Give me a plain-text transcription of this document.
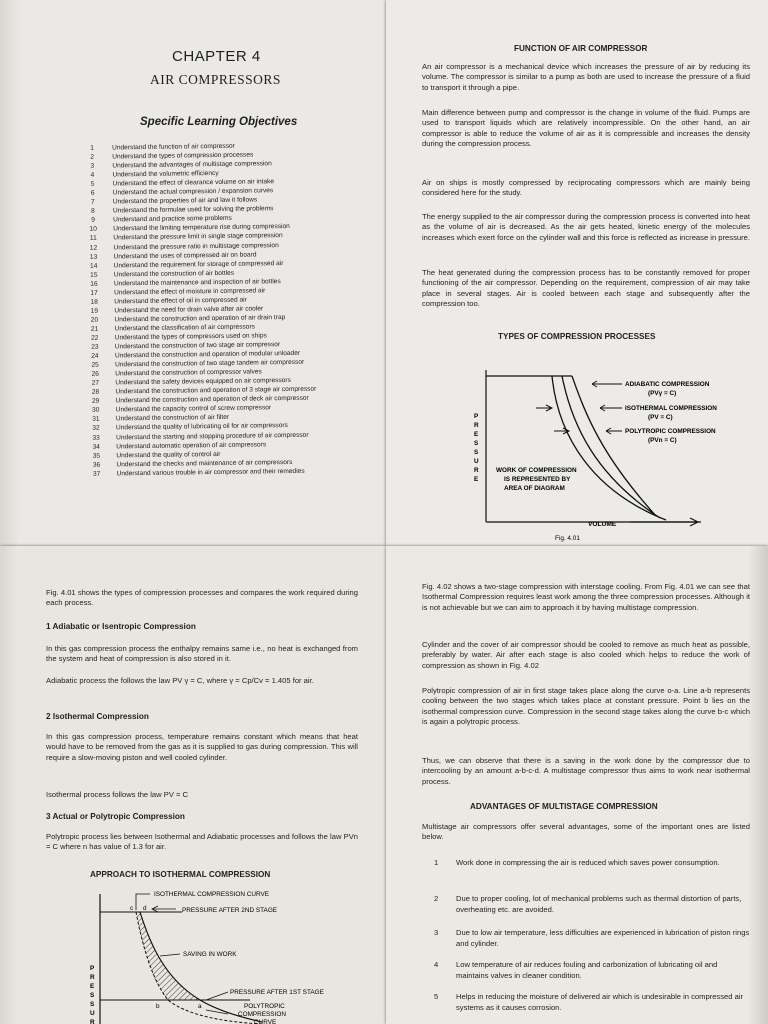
CHAPTER 4
AIR COMPRESSORS
Specific Learning Objectives
1	Understand the function of air compressor
2	Understand the types of compression processes
3	Understand the advantages of multistage compression
4	Understand the volumetric efficiency
5	Understand the effect of clearance volume on air intake
6	Understand the actual compression / expansion curves
7	Understand the properties of air and law it follows
8	Understand the formulae used for solving the problems
9	Understand and practice some problems
10	Understand the limiting temperature rise during compression
11	Understand the pressure limit in single stage compression
12	Understand the pressure ratio in multistage compression
13	Understand the uses of compressed air on board
14	Understand the requirement for storage of compressed air
15	Understand the construction of air bottles
16	Understand the maintenance and inspection of air bottles
17	Understand the effect of moisture in compressed air
18	Understand the effect of oil in compressed air
19	Understand the need for drain valve after air cooler
20	Understand the construction and operation of air drain trap
21	Understand the classification of air compressors
22	Understand the types of compressors used on ships
23	Understand the construction of two stage air compressor
24	Understand the construction and operation of modular unloader
25	Understand the construction of two stage tandem air compressor
26	Understand the construction of compressor valves
27	Understand the safety devices equipped on air compressors
28	Understand the construction and operation of 3 stage air compressor
29	Understand the construction and operation of deck air compressor
30	Understand the capacity control of screw compressor
31	Understand the construction of air filter
32	Understand the quality of lubricating oil for air compressors
33	Understand the starting and stopping procedure of air compressor
34	Understand automatic operation of air compressors
35	Understand the quality of control air
36	Understand the checks and maintenance of air compressors
37	Understand various trouble in air compressor and their remedies
FUNCTION OF AIR COMPRESSOR
An air compressor is a mechanical device which increases the pressure of air by reducing its volume. The compressor is similar to a pump as both are used to increase the pressure of a fluid to transport it through a pipe.
Main difference between pump and compressor is the change in volume of the fluid. Pumps are used to transport liquids which are relatively incompressible. On the other hand, an air compressor is able to reduce the volume of air as it is compressible and increases the density during the compression process.
Air on ships is mostly compressed by reciprocating compressors which are mainly being considered here for the study.
The energy supplied to the air compressor during the compression process is converted into heat as the volume of air is decreased. As the air gets heated, kinetic energy of the molecules increases which exert force on the cylinder wall and this force is reflected as increase in pressure.
The heat generated during the compression process has to be constantly removed for proper functioning of the air compressor. Depending on the requirement, compression of air may take place in several stages. Air is cooled between each stage and subsequently after the compression too.
TYPES OF COMPRESSION PROCESSES
ADIABATIC COMPRESSION
(PVγ = C)
ISOTHERMAL COMPRESSION
(PV = C)
POLYTROPIC COMPRESSION
(PVn = C)
WORK OF COMPRESSION
IS REPRESENTED BY
AREA OF DIAGRAM
VOLUME
Fig. 4.01
P
R
E
S
S
U
R
E
Fig. 4.01 shows the types of compression processes and compares the work required during each process.
1 Adiabatic or Isentropic Compression
In this gas compression process the enthalpy remains same i.e., no heat is exchanged from the system and heat of compression is also stored in it.
Adiabatic process the follows the law PV γ = C, where γ = Cp/Cv = 1.405 for air.
2 Isothermal Compression
In this gas compression process, temperature remains constant which means that heat would have to be removed from the gas as it is supplied to gas during compression. This will require a slow-moving piston and well cooled cylinder.
Isothermal process follows the law PV = C
3 Actual or Polytropic Compression
Polytropic process lies between Isothermal and Adiabatic processes and follows the law PVn = C where n has value of 1.3 for air.
APPROACH TO ISOTHERMAL COMPRESSION
ISOTHERMAL COMPRESSION CURVE
PRESSURE AFTER 2ND STAGE
SAVING IN WORK
PRESSURE AFTER 1ST STAGE
POLYTROPIC
COMPRESSION
CURVE
c d
b	a
P
R
E
S
S
U
R
Fig. 4.02 shows a two-stage compression with interstage cooling. From Fig. 4.01 we can see that Isothermal Compression requires least work among the three compression processes. Although it is not achievable but we can aim to approach it by having multistage compression.
Cylinder and the cover of air compressor should be cooled to remove as much heat as possible, preferably by water. Air after each stage is also cooled which helps to reduce the work of compression as shown in Fig. 4.02
Polytropic compression of air in first stage takes place along the curve o-a. Line a-b represents cooling between the two stages which takes place at constant pressure. Point b lies on the isothermal compression curve. Compression in the second stage takes along the curve b-c which is again a polytropic process.
Thus, we can observe that there is a saving in the work done by the compressor due to intercooling by an amount a-b-c-d. A multistage compressor thus aims to work near isothermal process.
ADVANTAGES OF MULTISTAGE COMPRESSION
Multistage air compressors offer several advantages, some of the important ones are listed below.
1	Work done in compressing the air is reduced which saves power consumption.
2	Due to proper cooling, lot of mechanical problems such as thermal distortion of parts, overheating etc. are avoided.
3	Due to low air temperature, less difficulties are experienced in lubrication of piston rings and cylinder.
4	Low temperature of air reduces fouling and carbonization of lubricating oil and maintains valves in cleaner condition.
5	Helps in reducing the moisture of delivered air which is undesirable in compressed air systems as it causes corrosion.
